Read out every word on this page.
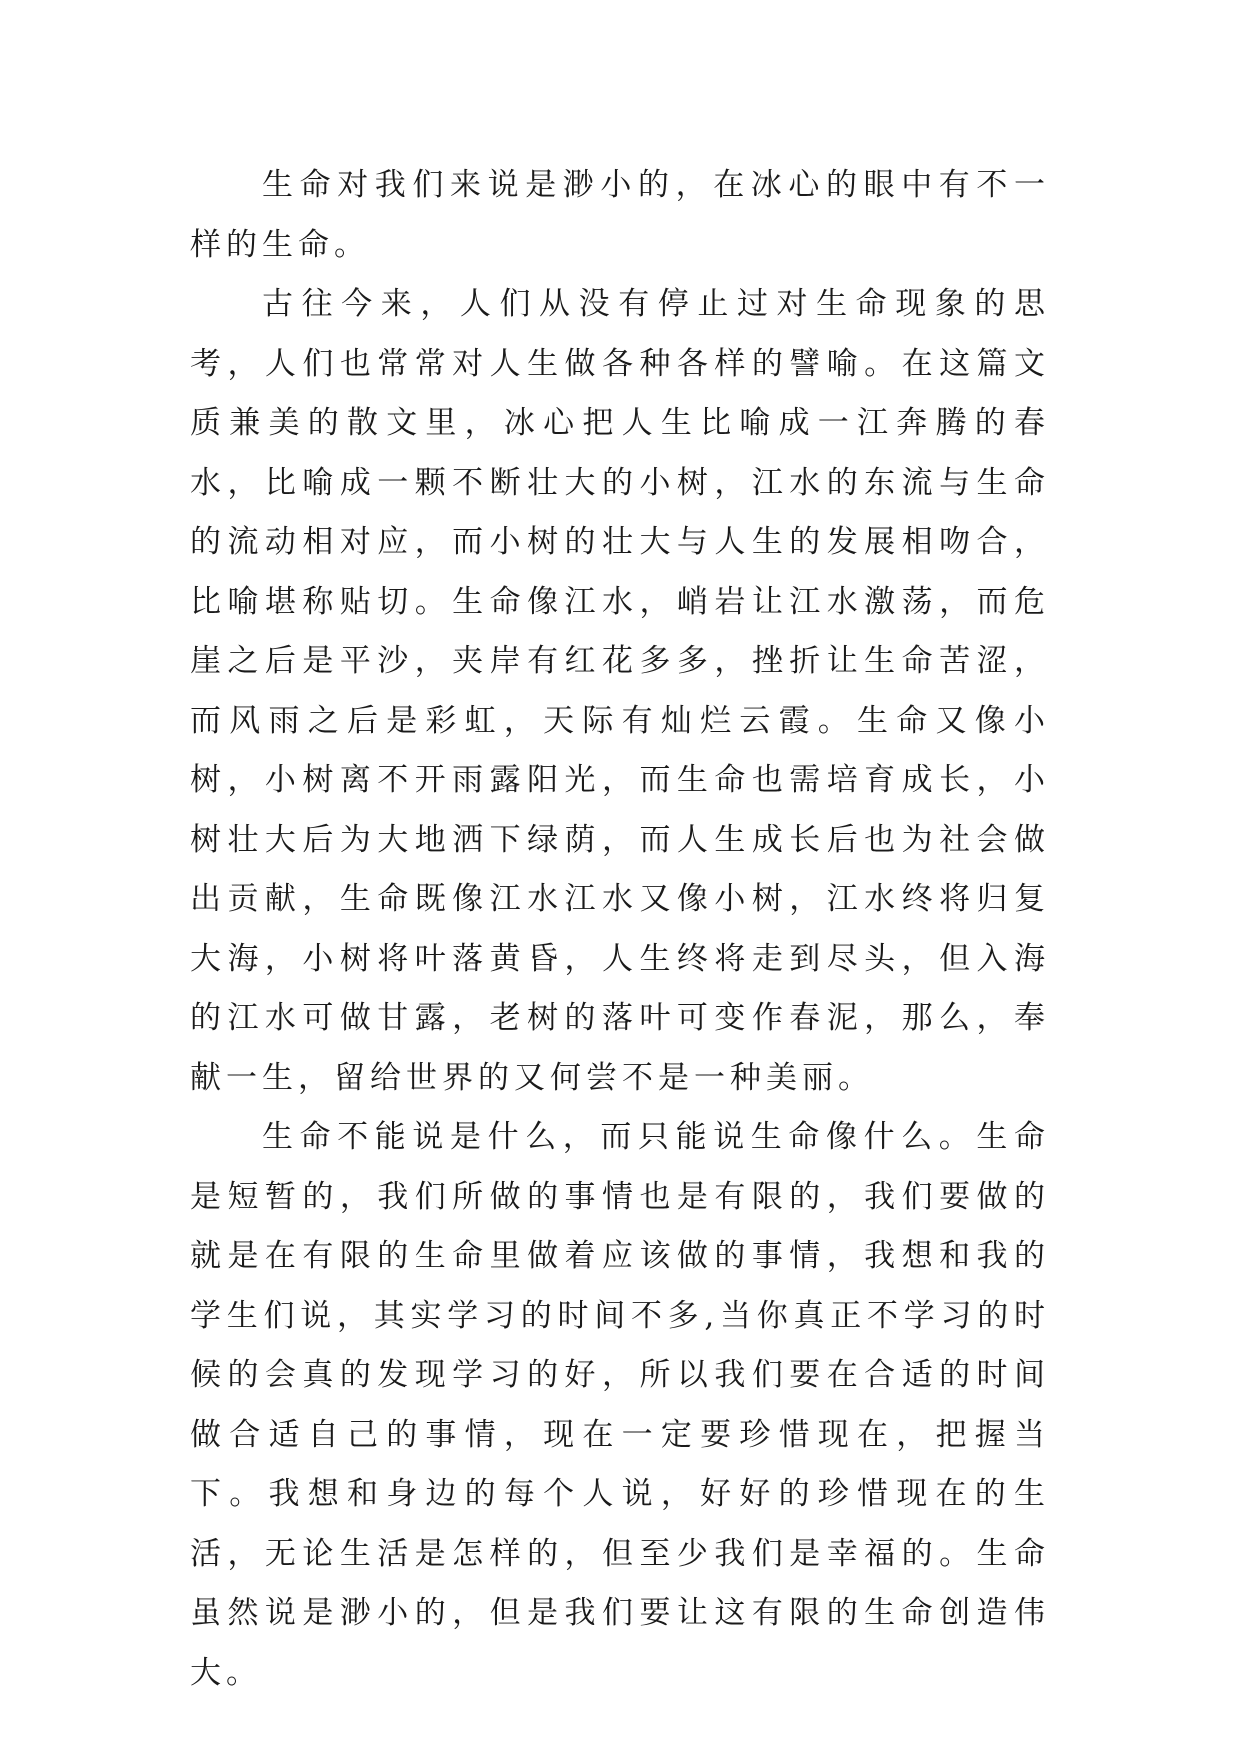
生命对我们来说是渺小的，在冰心的眼中有不一样的生命。

古往今来，人们从没有停止过对生命现象的思考，人们也常常对人生做各种各样的譬喻。在这篇文质兼美的散文里，冰心把人生比喻成一江奔腾的春水，比喻成一颗不断壮大的小树，江水的东流与生命的流动相对应，而小树的壮大与人生的发展相吻合，比喻堪称贴切。生命像江水，峭岩让江水激荡，而危崖之后是平沙，夹岸有红花多多，挫折让生命苦涩，而风雨之后是彩虹，天际有灿烂云霞。生命又像小树，小树离不开雨露阳光，而生命也需培育成长，小树壮大后为大地洒下绿荫，而人生成长后也为社会做出贡献，生命既像江水江水又像小树，江水终将归复大海，小树将叶落黄昏，人生终将走到尽头，但入海的江水可做甘露，老树的落叶可变作春泥，那么，奉献一生，留给世界的又何尝不是一种美丽。

生命不能说是什么，而只能说生命像什么。生命是短暂的，我们所做的事情也是有限的，我们要做的就是在有限的生命里做着应该做的事情，我想和我的学生们说，其实学习的时间不多,当你真正不学习的时候的会真的发现学习的好，所以我们要在合适的时间做合适自己的事情，现在一定要珍惜现在，把握当下。我想和身边的每个人说，好好的珍惜现在的生活，无论生活是怎样的，但至少我们是幸福的。生命虽然说是渺小的，但是我们要让这有限的生命创造伟大。
